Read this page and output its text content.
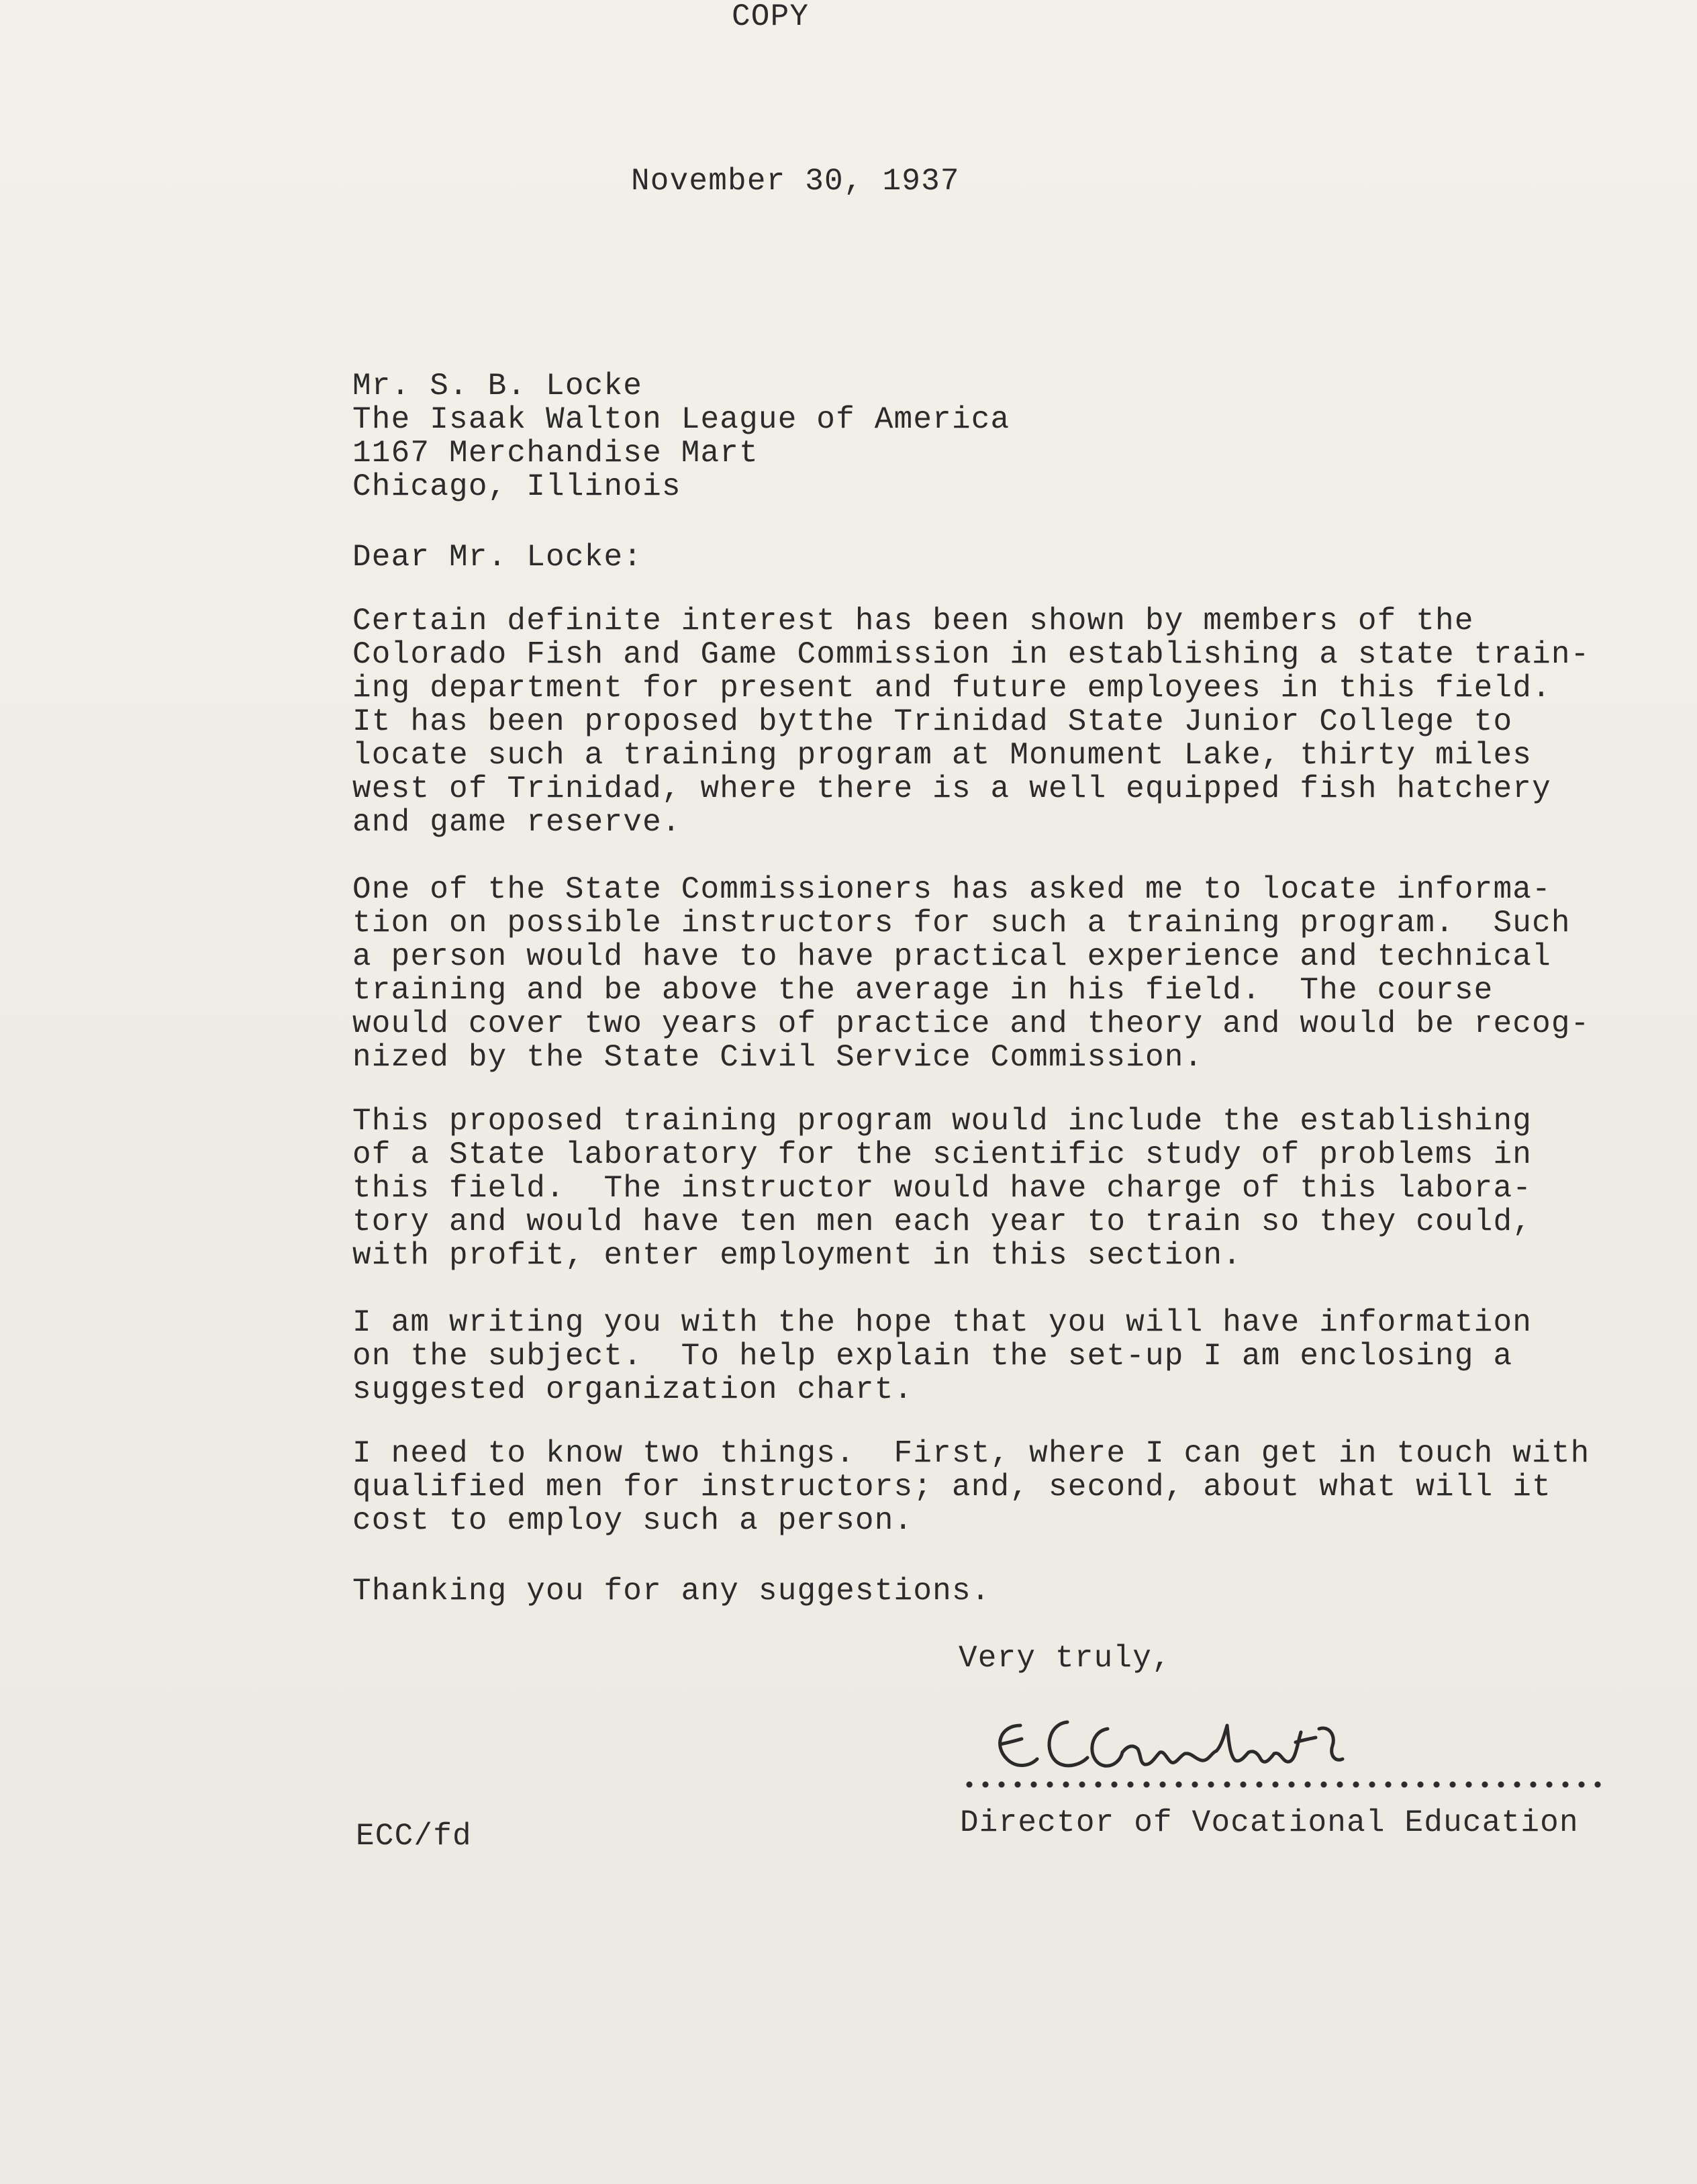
COPY
November 30, 1937
Mr. S. B. Locke
The Isaak Walton League of America
1167 Merchandise Mart
Chicago, Illinois
Dear Mr. Locke:
Certain definite interest has been shown by members of the
Colorado Fish and Game Commission in establishing a state train-
ing department for present and future employees in this field.
It has been proposed bytthe Trinidad State Junior College to
locate such a training program at Monument Lake, thirty miles
west of Trinidad, where there is a well equipped fish hatchery
and game reserve.
One of the State Commissioners has asked me to locate informa-
tion on possible instructors for such a training program.  Such
a person would have to have practical experience and technical
training and be above the average in his field.  The course
would cover two years of practice and theory and would be recog-
nized by the State Civil Service Commission.
This proposed training program would include the establishing
of a State laboratory for the scientific study of problems in
this field.  The instructor would have charge of this labora-
tory and would have ten men each year to train so they could,
with profit, enter employment in this section.
I am writing you with the hope that you will have information
on the subject.  To help explain the set-up I am enclosing a
suggested organization chart.
I need to know two things.  First, where I can get in touch with
qualified men for instructors; and, second, about what will it
cost to employ such a person.
Thanking you for any suggestions.
Very truly,
Director of Vocational Education
ECC/fd
